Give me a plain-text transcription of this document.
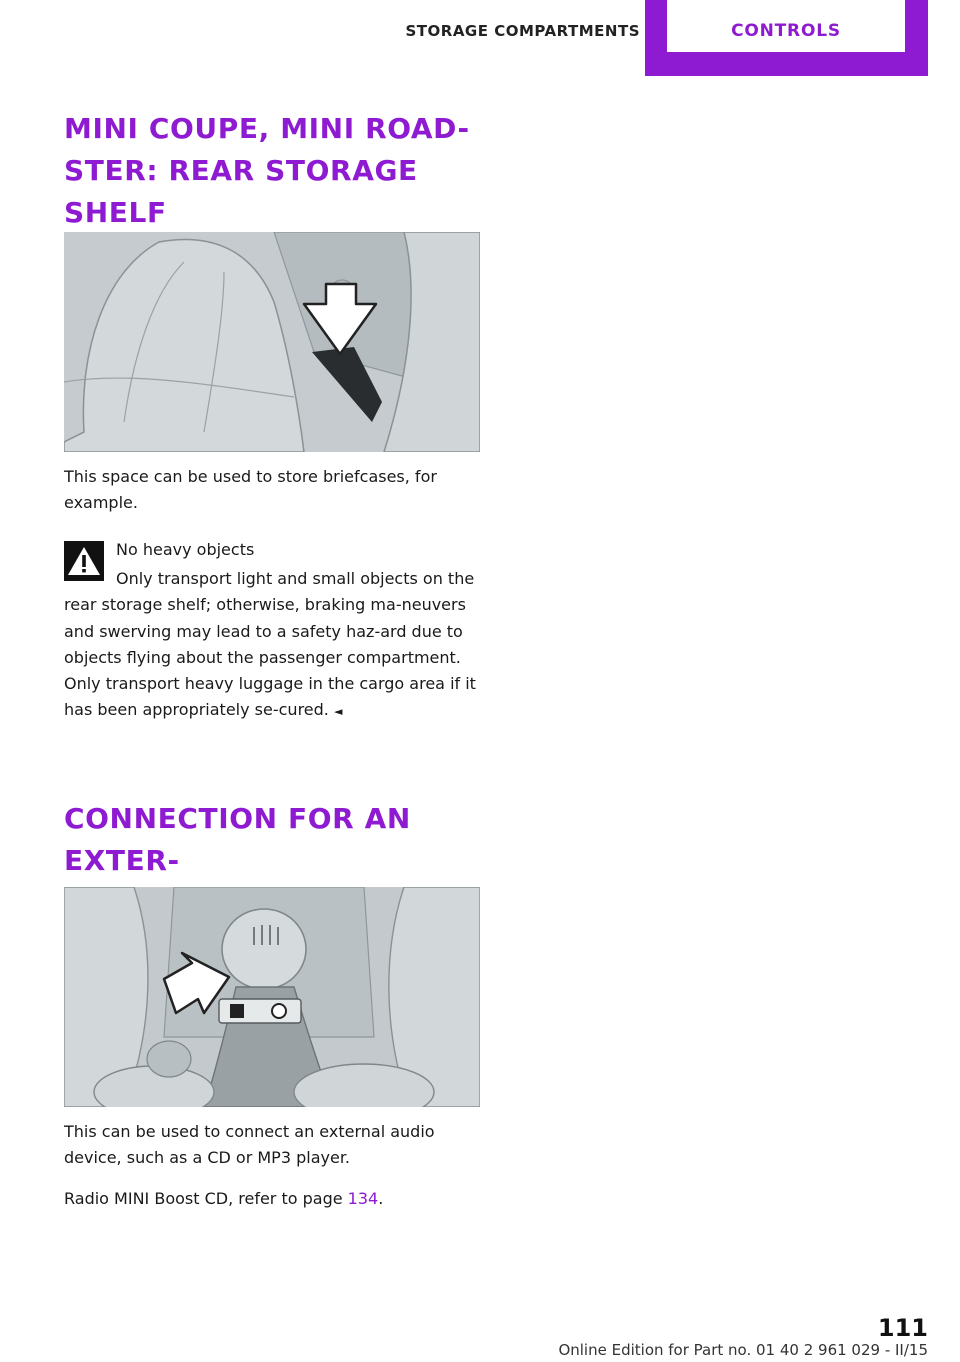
STORAGE COMPARTMENTS	CONTROLS
MINI COUPE, MINI ROAD-
STER: REAR STORAGE SHELF

This space can be used to store briefcases, for example.

No heavy objects

Only transport light and small objects on the rear storage shelf; otherwise, braking ma-neuvers and swerving may lead to a safety haz-ard due to objects flying about the passenger compartment. Only transport heavy luggage in the cargo area if it has been appropriately se-cured. ◄

CONNECTION FOR AN EXTER-

This can be used to connect an external audio device, such as a CD or MP3 player.

Radio MINI Boost CD, refer to page 134.

111
Online Edition for Part no. 01 40 2 961 029 - II/15
